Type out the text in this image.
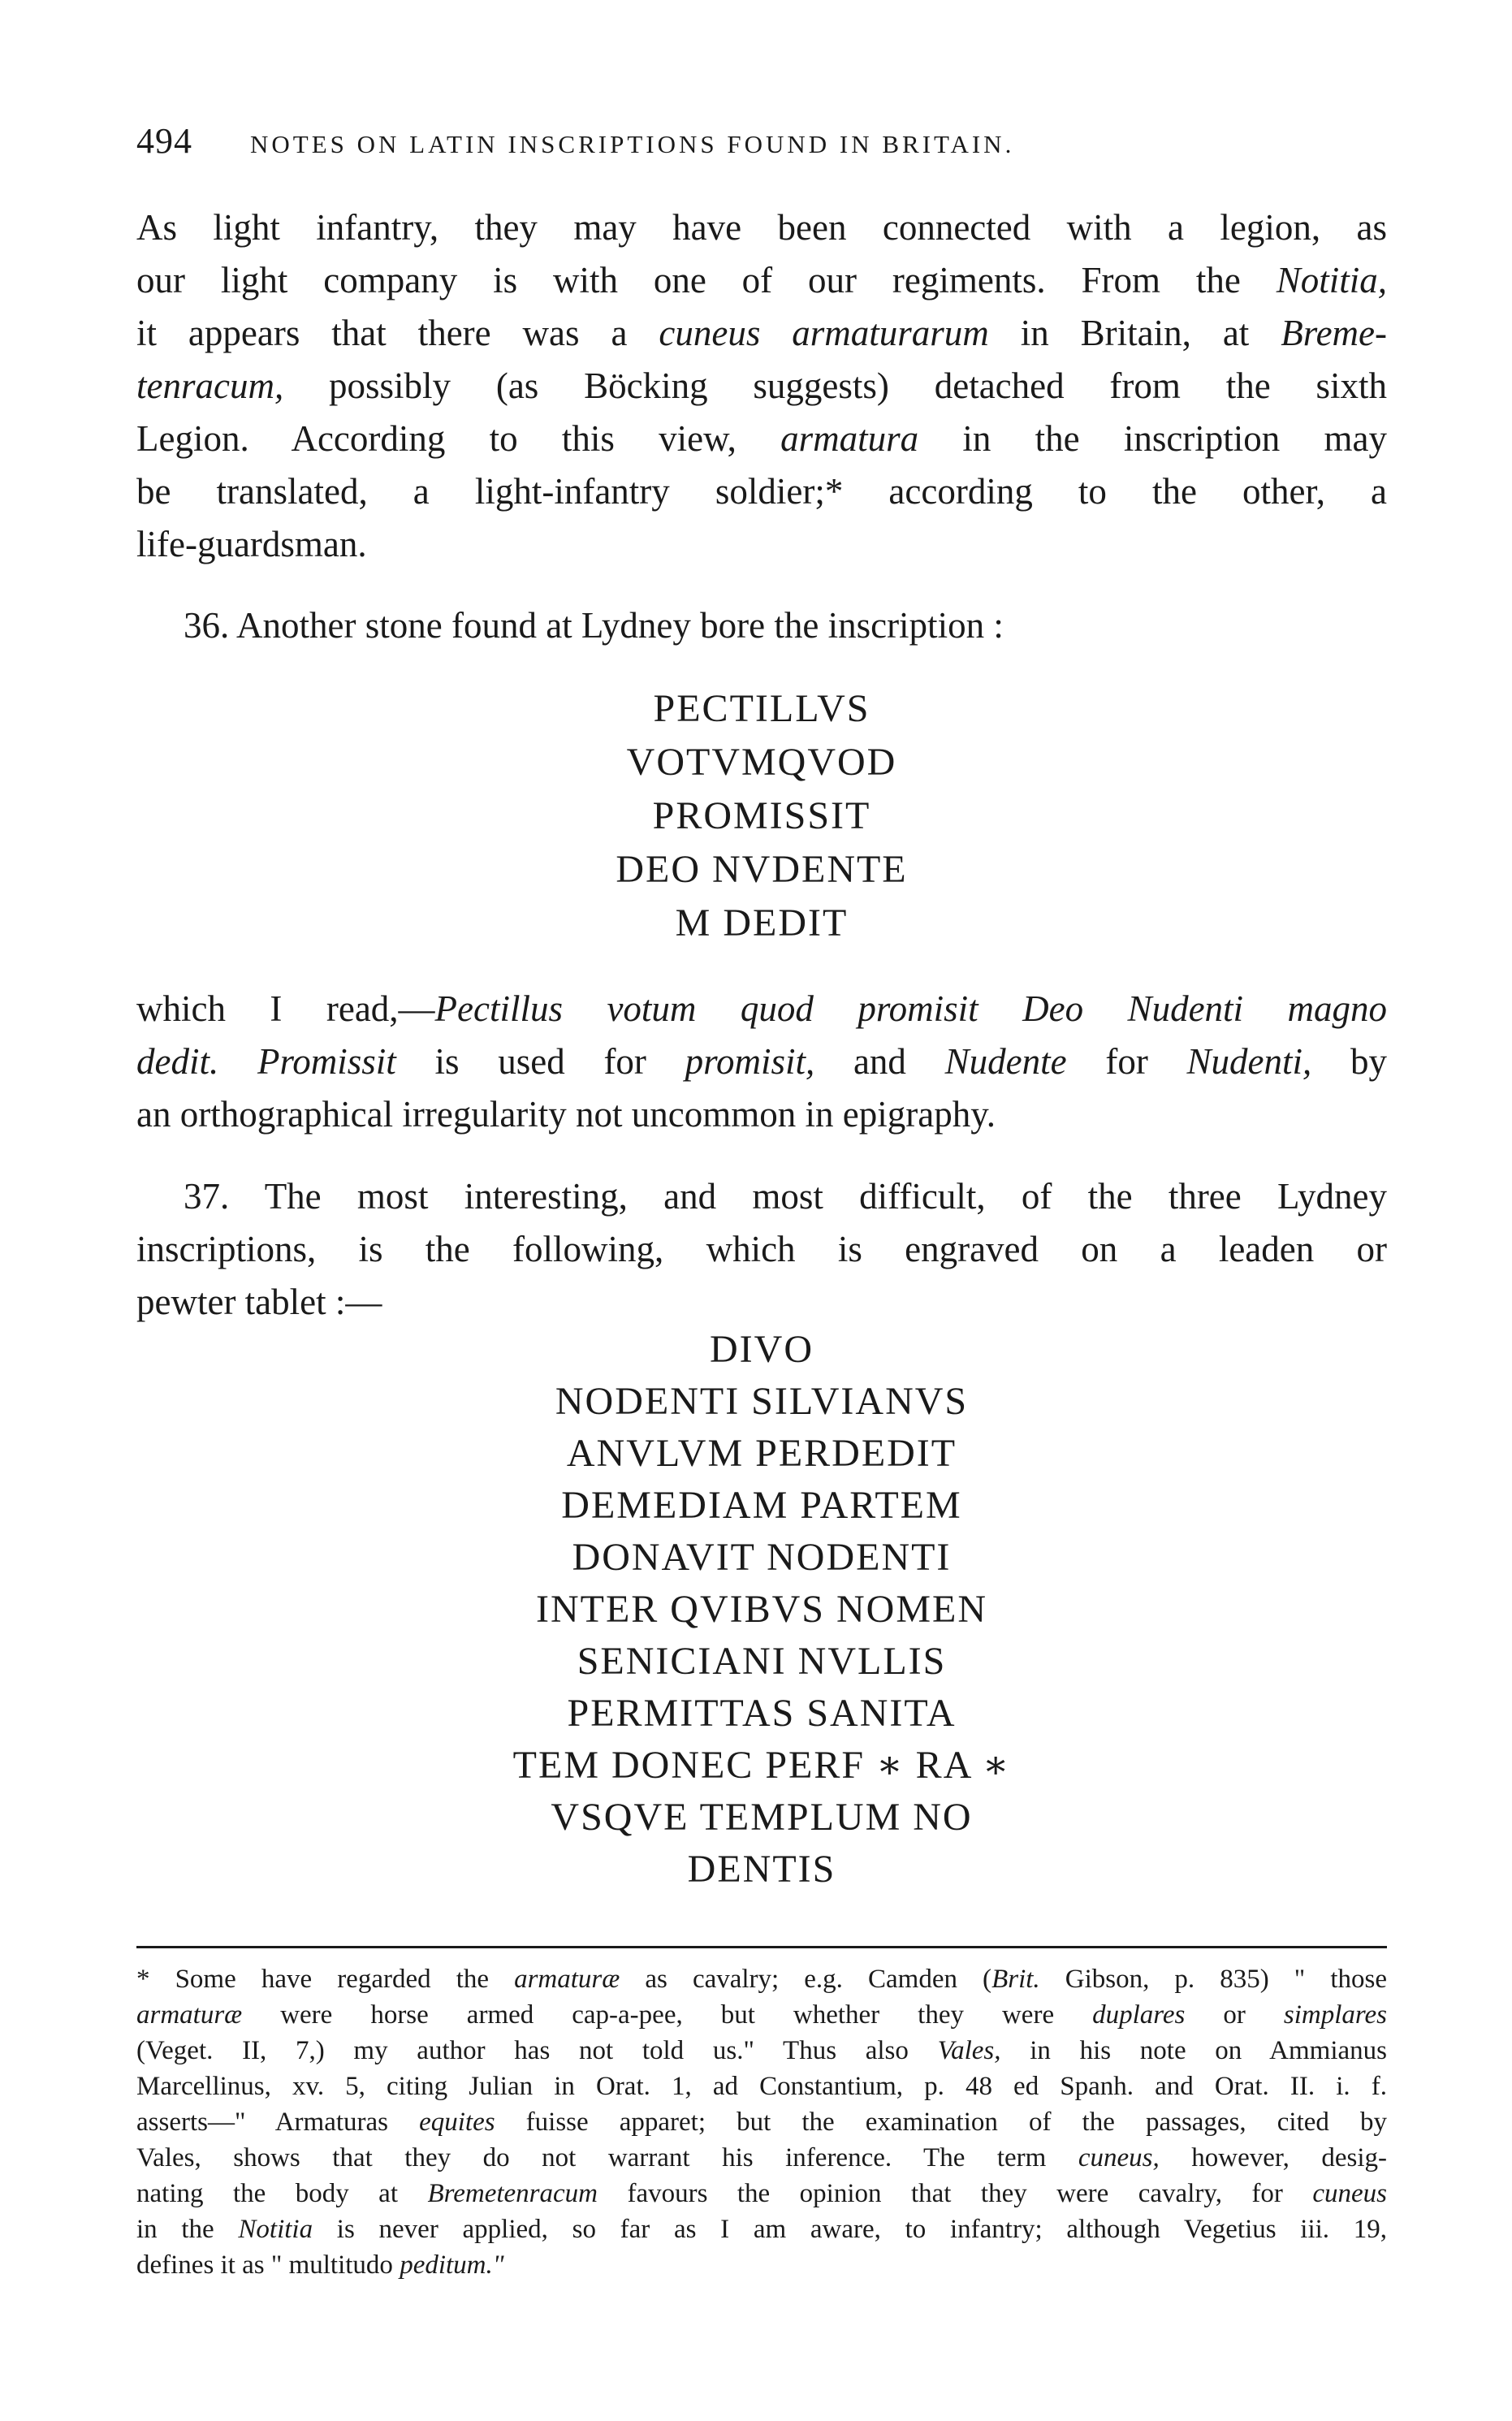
494	NOTES ON LATIN INSCRIPTIONS FOUND IN BRITAIN.
As light infantry, they may have been connected with a legion, as
our light company is with one of our regiments. From the Notitia,
it appears that there was a cuneus armaturarum in Britain, at Breme-
tenracum, possibly (as Böcking suggests) detached from the sixth
Legion. According to this view, armatura in the inscription may
be translated, a light-infantry soldier;* according to the other, a
life-guardsman.
36. Another stone found at Lydney bore the inscription :
PECTILLVS
VOTVMQVOD
PROMISSIT
DEO NVDENTE
M DEDIT
which I read,—Pectillus votum quod promisit Deo Nudenti magno
dedit. Promissit is used for promisit, and Nudente for Nudenti, by
an orthographical irregularity not uncommon in epigraphy.
37. The most interesting, and most difficult, of the three Lydney
inscriptions, is the following, which is engraved on a leaden or
pewter tablet :—
DIVO
NODENTI SILVIANVS
ANVLVM PERDEDIT
DEMEDIAM PARTEM
DONAVIT NODENTI
INTER QVIBVS NOMEN
SENICIANI NVLLIS
PERMITTAS SANITA
TEM DONEC PERF ∗ RA ∗
VSQVE TEMPLUM NO
DENTIS
* Some have regarded the armaturæ as cavalry; e.g. Camden (Brit. Gibson, p. 835) " those
armaturæ were horse armed cap-a-pee, but whether they were duplares or simplares
(Veget. II, 7,) my author has not told us." Thus also Vales, in his note on Ammianus
Marcellinus, xv. 5, citing Julian in Orat. 1, ad Constantium, p. 48 ed Spanh. and Orat. II. i. f.
asserts—" Armaturas equites fuisse apparet; but the examination of the passages, cited by
Vales, shows that they do not warrant his inference. The term cuneus, however, desig-
nating the body at Bremetenracum favours the opinion that they were cavalry, for cuneus
in the Notitia is never applied, so far as I am aware, to infantry; although Vegetius iii. 19,
defines it as " multitudo peditum."
